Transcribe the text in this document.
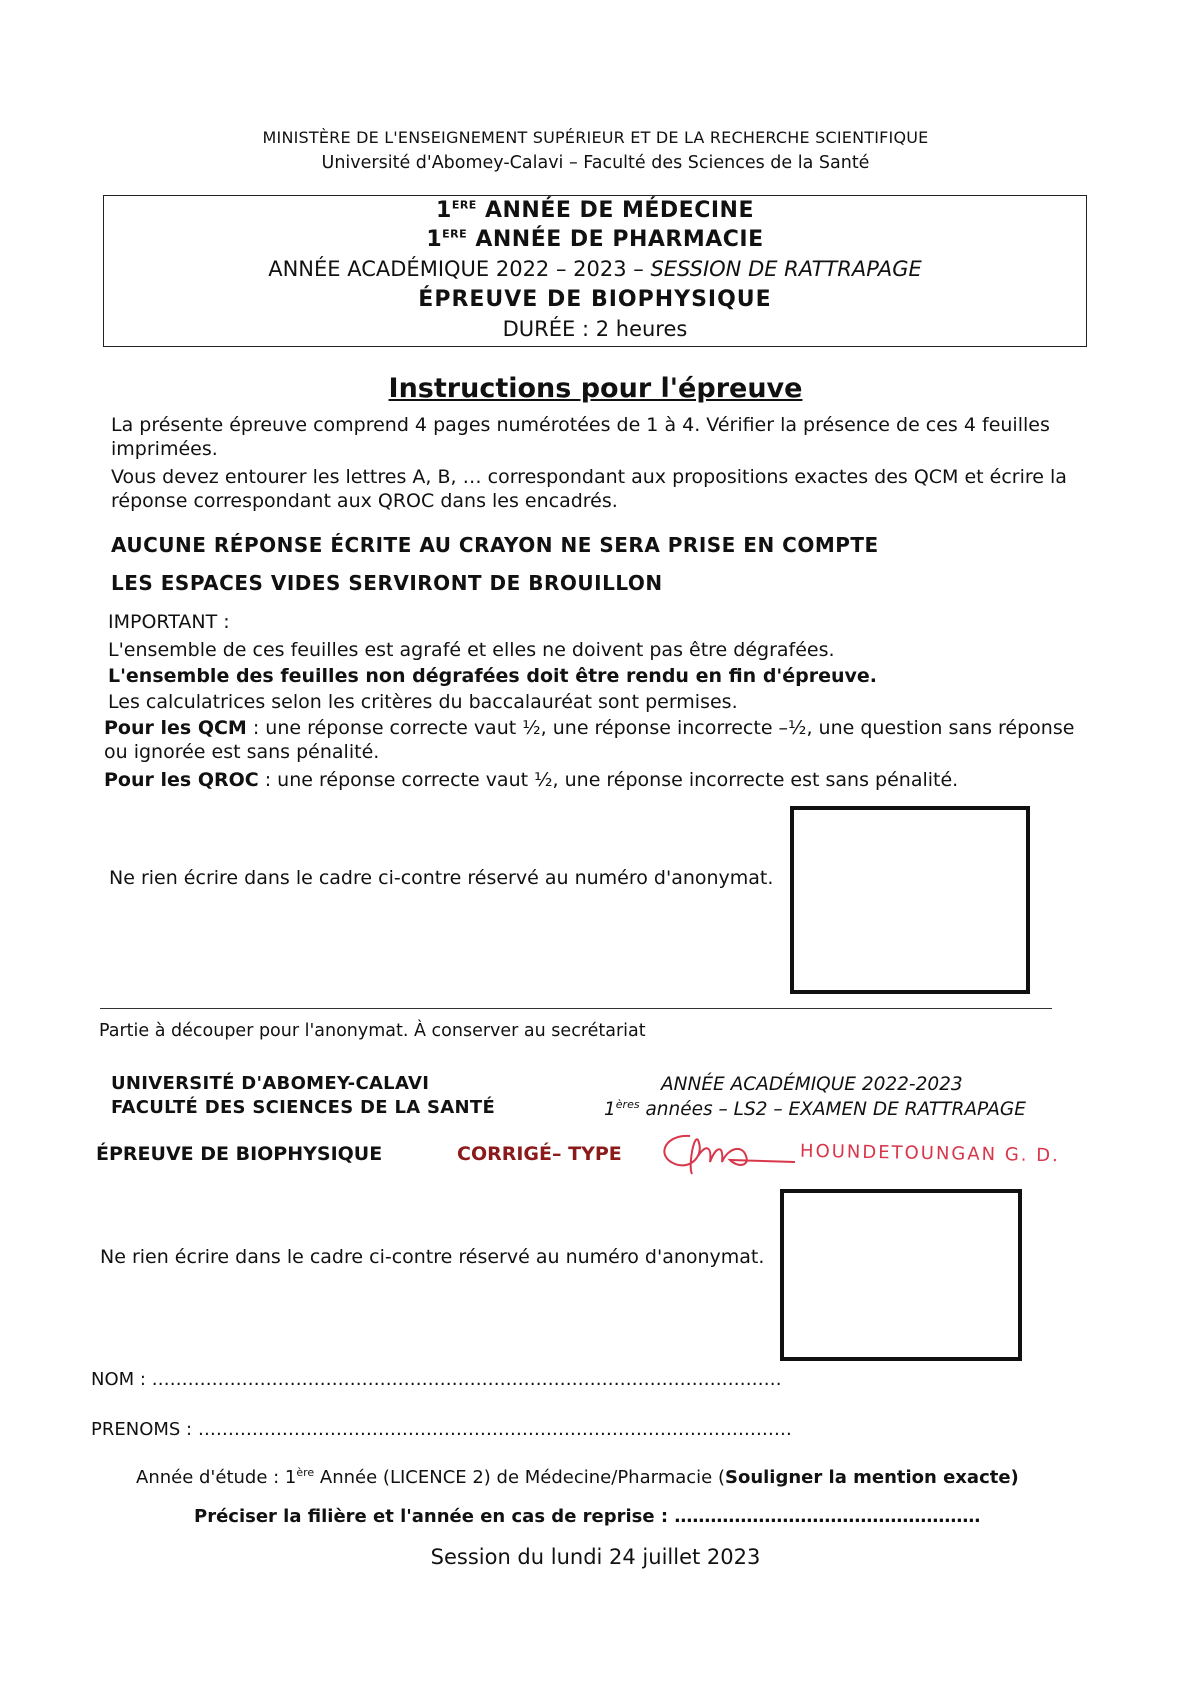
MINISTÈRE DE L'ENSEIGNEMENT SUPÉRIEUR ET DE LA RECHERCHE SCIENTIFIQUE
Université d'Abomey-Calavi – Faculté des Sciences de la Santé
1ERE ANNÉE DE MÉDECINE
1ERE ANNÉE DE PHARMACIE
ANNÉE ACADÉMIQUE 2022 – 2023 – SESSION DE RATTRAPAGE
ÉPREUVE DE BIOPHYSIQUE
DURÉE : 2 heures
Instructions pour l'épreuve
La présente épreuve comprend 4 pages numérotées de 1 à 4. Vérifier la présence de ces 4 feuilles imprimées.
Vous devez entourer les lettres A, B, … correspondant aux propositions exactes des QCM et écrire la réponse correspondant aux QROC dans les encadrés.
AUCUNE RÉPONSE ÉCRITE AU CRAYON NE SERA PRISE EN COMPTE
LES ESPACES VIDES SERVIRONT DE BROUILLON
IMPORTANT :
L'ensemble de ces feuilles est agrafé et elles ne doivent pas être dégrafées.
L'ensemble des feuilles non dégrafées doit être rendu en fin d'épreuve.
Les calculatrices selon les critères du baccalauréat sont permises.
Pour les QCM : une réponse correcte vaut ½, une réponse incorrecte –½, une question sans réponse ou ignorée est sans pénalité.
Pour les QROC : une réponse correcte vaut ½, une réponse incorrecte est sans pénalité.
Ne rien écrire dans le cadre ci-contre réservé au numéro d'anonymat.
Partie à découper pour l'anonymat. À conserver au secrétariat
UNIVERSITÉ D'ABOMEY-CALAVI
FACULTÉ DES SCIENCES DE LA SANTÉ
ANNÉE ACADÉMIQUE 2022-2023
1ères années – LS2 – EXAMEN DE RATTRAPAGE
ÉPREUVE DE BIOPHYSIQUE	CORRIGÉ– TYPE	HOUNDETOUNGAN G. D.
Ne rien écrire dans le cadre ci-contre réservé au numéro d'anonymat.
NOM : ……………………………………………………………………………………………
PRENOMS : ………………………………………………………………………………………
Année d'étude : 1ère Année (LICENCE 2) de Médecine/Pharmacie (Souligner la mention exacte)
Préciser la filière et l'année en cas de reprise : ……………………………………………
Session du lundi 24 juillet 2023
